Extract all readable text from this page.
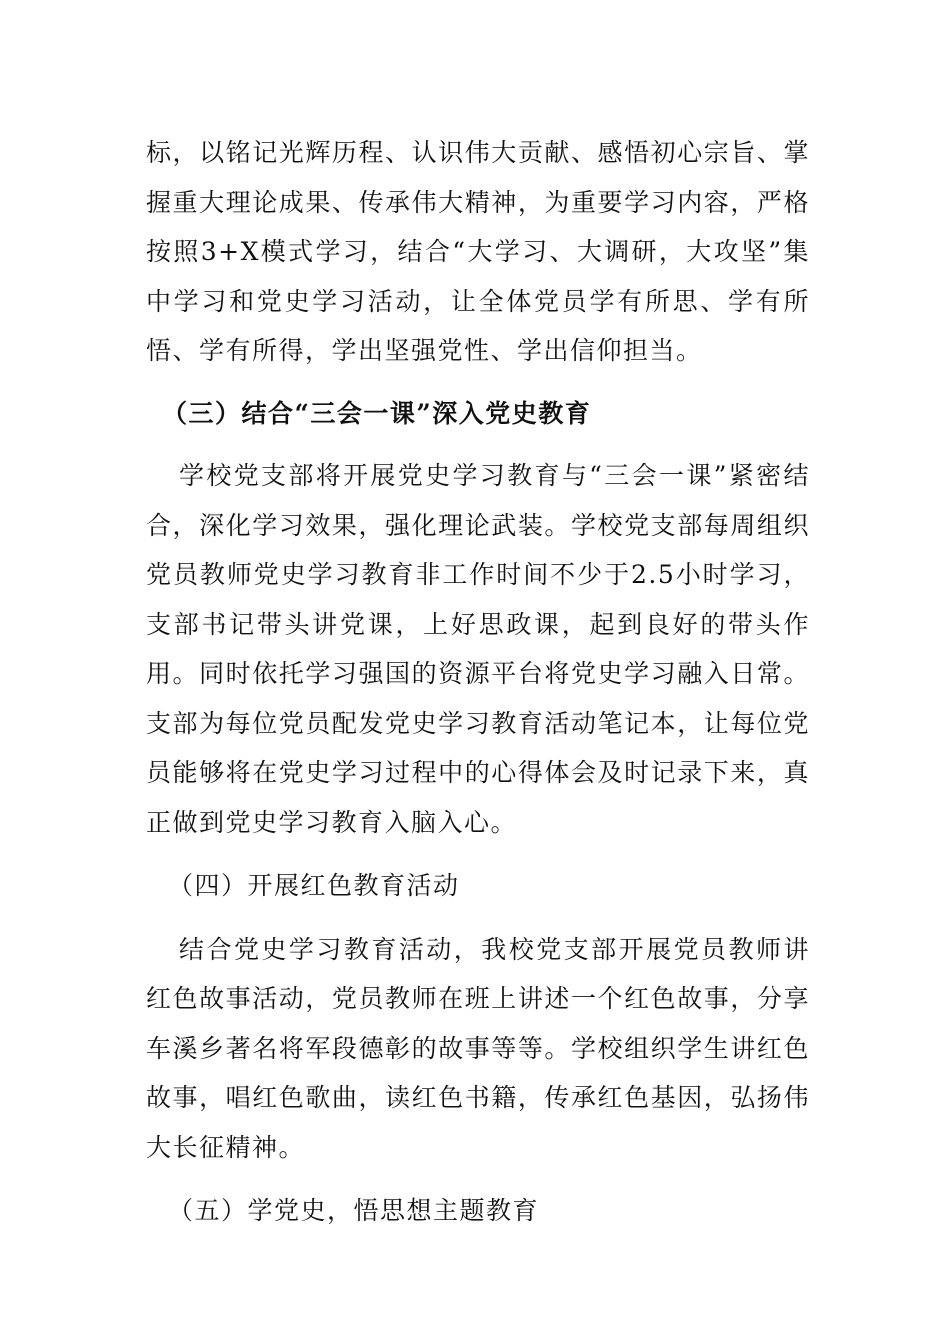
标，以铭记光辉历程、认识伟大贡献、感悟初心宗旨、掌握重大理论成果、传承伟大精神，为重要学习内容，严格按照3+X模式学习，结合“大学习、大调研，大攻坚”集中学习和党史学习活动，让全体党员学有所思、学有所悟、学有所得，学出坚强党性、学出信仰担当。

（三）结合“三会一课”深入党史教育

学校党支部将开展党史学习教育与“三会一课”紧密结合，深化学习效果，强化理论武装。学校党支部每周组织党员教师党史学习教育非工作时间不少于2.5小时学习，支部书记带头讲党课，上好思政课，起到良好的带头作用。同时依托学习强国的资源平台将党史学习融入日常。支部为每位党员配发党史学习教育活动笔记本，让每位党员能够将在党史学习过程中的心得体会及时记录下来，真正做到党史学习教育入脑入心。

（四）开展红色教育活动

结合党史学习教育活动，我校党支部开展党员教师讲红色故事活动，党员教师在班上讲述一个红色故事，分享车溪乡著名将军段德彰的故事等等。学校组织学生讲红色故事，唱红色歌曲，读红色书籍，传承红色基因，弘扬伟大长征精神。

（五）学党史，悟思想主题教育
